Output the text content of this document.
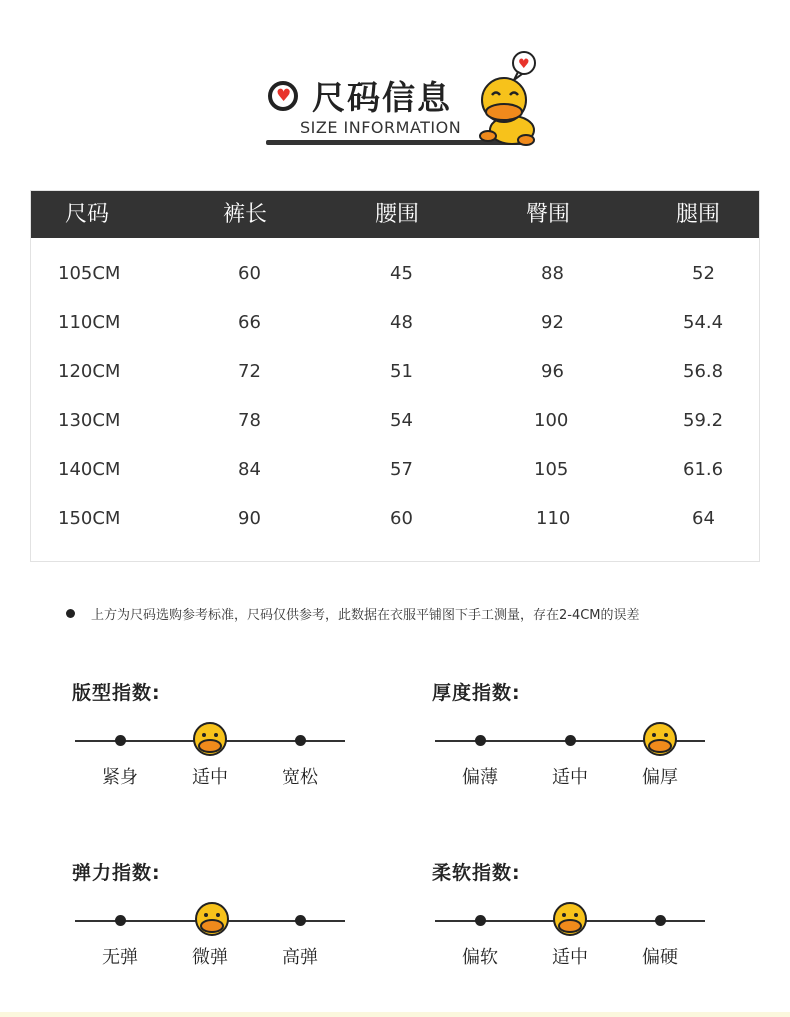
♥ 尺码信息
SIZE INFORMATION
♥
尺码	裤长	腰围	臀围	腿围
105CM	60	45	88	52
110CM	66	48	92	54.4
120CM	72	51	96	56.8
130CM	78	54	100	59.2
140CM	84	57	105	61.6
150CM	90	60	110	64
上方为尺码选购参考标准，尺码仅供参考，此数据在衣服平铺图下手工测量，存在2-4CM的误差
版型指数:
紧身	适中	宽松
厚度指数:
偏薄	适中	偏厚
弹力指数:
无弹	微弹	高弹
柔软指数:
偏软	适中	偏硬
